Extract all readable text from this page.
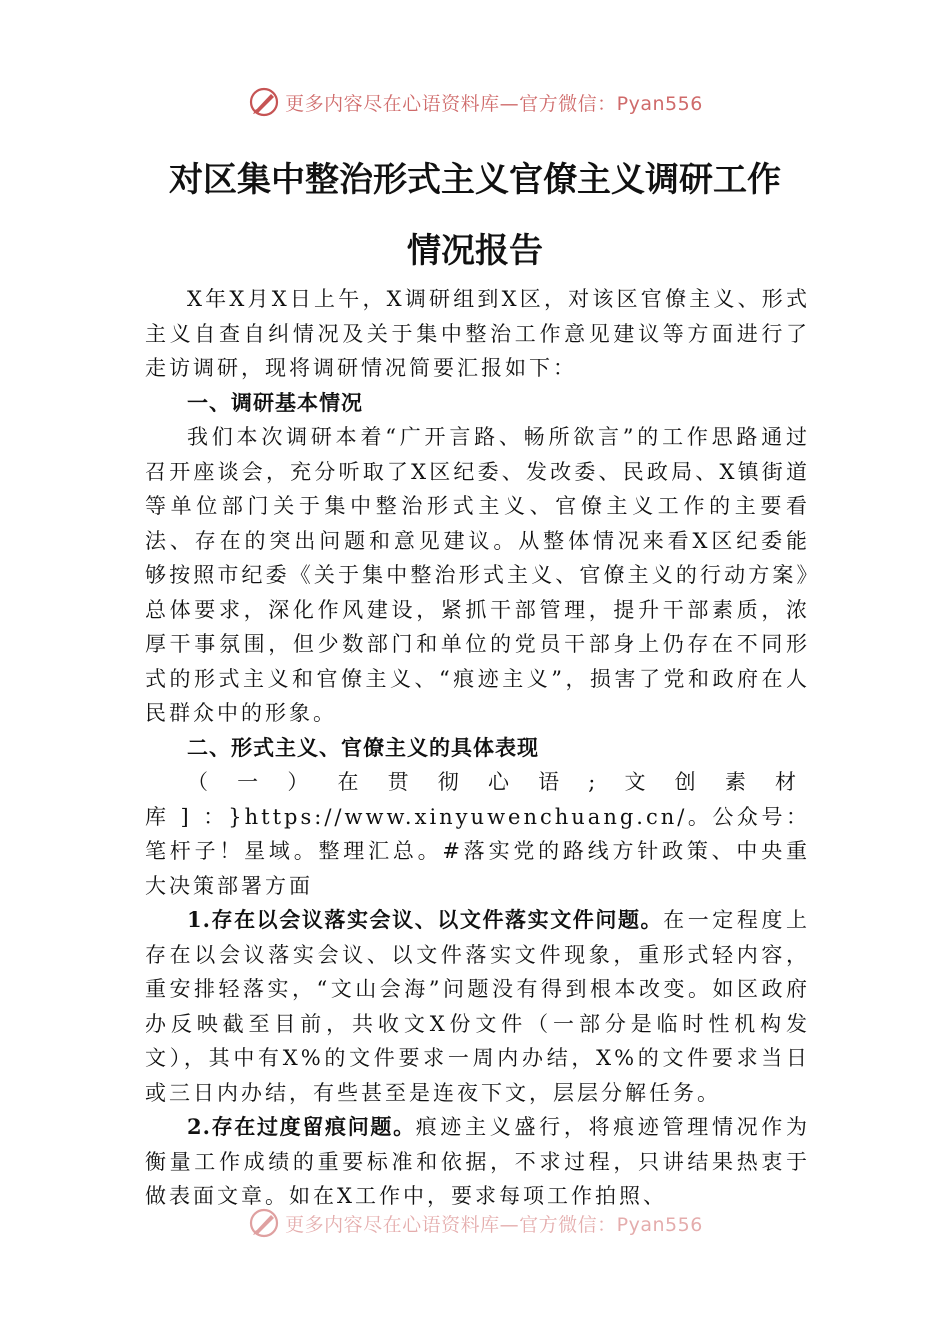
更多内容尽在心语资料库—官方微信：Pyan556
对区集中整治形式主义官僚主义调研工作
情况报告

X年X月X日上午，X调研组到X区，对该区官僚主义、形式主义自查自纠情况及关于集中整治工作意见建议等方面进行了走访调研，现将调研情况简要汇报如下：

一、调研基本情况

我们本次调研本着“广开言路、畅所欲言”的工作思路通过召开座谈会，充分听取了X区纪委、发改委、民政局、X镇街道等单位部门关于集中整治形式主义、官僚主义工作的主要看法、存在的突出问题和意见建议。从整体情况来看X区纪委能够按照市纪委《关于集中整治形式主义、官僚主义的行动方案》总体要求，深化作风建设，紧抓干部管理，提升干部素质，浓厚干事氛围，但少数部门和单位的党员干部身上仍存在不同形式的形式主义和官僚主义、“痕迹主义”，损害了党和政府在人民群众中的形象。

二、形式主义、官僚主义的具体表现

（一）在贯彻心语;文创素材库]：}https://www.xinyuwenchuang.cn/。公众号：笔杆子！星域。整理汇总。#落实党的路线方针政策、中央重大决策部署方面

1.存在以会议落实会议、以文件落实文件问题。在一定程度上存在以会议落实会议、以文件落实文件现象，重形式轻内容，重安排轻落实，“文山会海”问题没有得到根本改变。如区政府办反映截至目前，共收文X份文件（一部分是临时性机构发文），其中有X%的文件要求一周内办结，X%的文件要求当日或三日内办结，有些甚至是连夜下文，层层分解任务。

2.存在过度留痕问题。痕迹主义盛行，将痕迹管理情况作为衡量工作成绩的重要标准和依据，不求过程，只讲结果热衷于做表面文章。如在X工作中，要求每项工作拍照、

更多内容尽在心语资料库—官方微信：Pyan556
